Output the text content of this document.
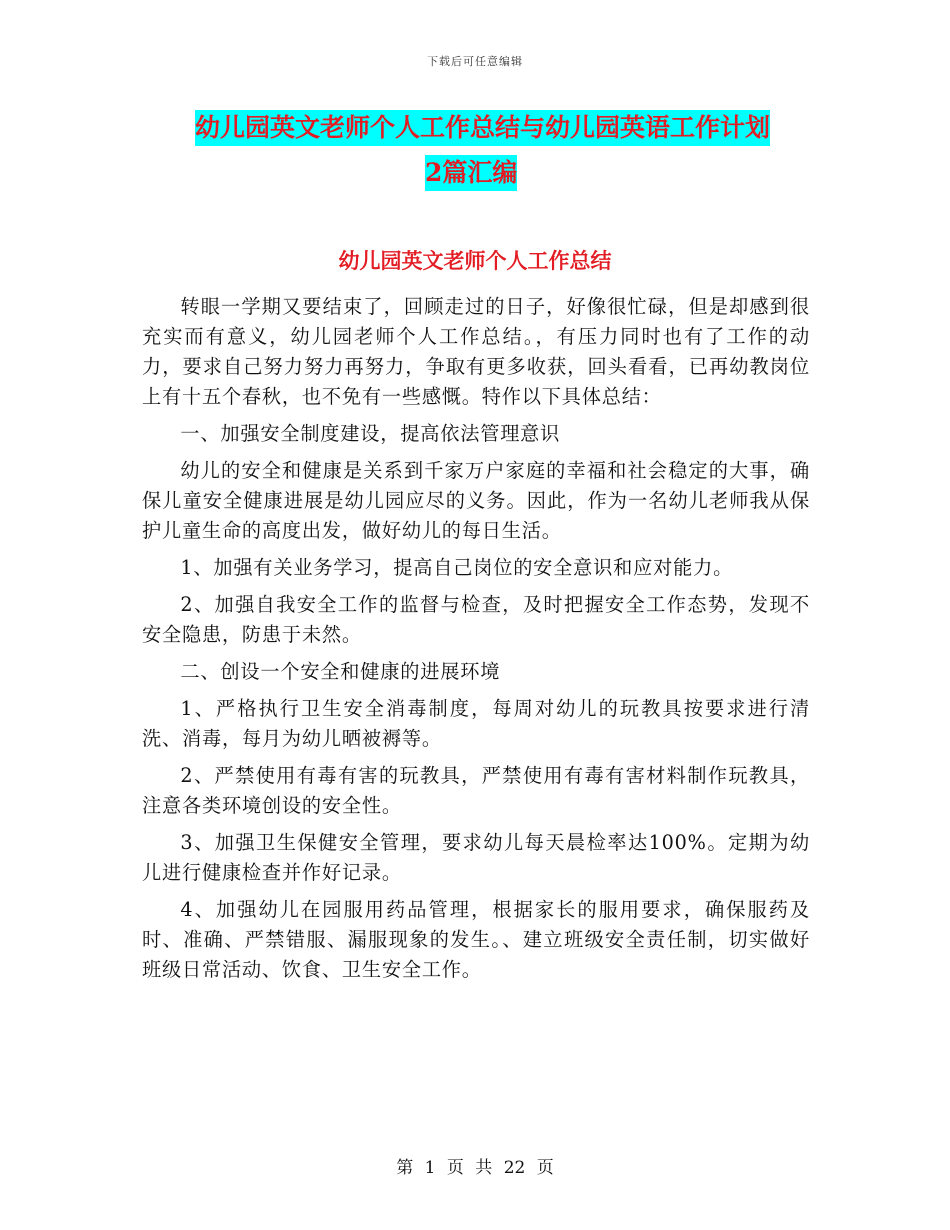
下载后可任意编辑
幼儿园英文老师个人工作总结与幼儿园英语工作计划
2篇汇编
幼儿园英文老师个人工作总结

转眼一学期又要结束了，回顾走过的日子，好像很忙碌，但是却感到很充实而有意义，幼儿园老师个人工作总结。，有压力同时也有了工作的动力，要求自己努力努力再努力，争取有更多收获，回头看看，已再幼教岗位上有十五个春秋，也不免有一些感慨。特作以下具体总结：

一、加强安全制度建设，提高依法管理意识

幼儿的安全和健康是关系到千家万户家庭的幸福和社会稳定的大事，确保儿童安全健康进展是幼儿园应尽的义务。因此，作为一名幼儿老师我从保护儿童生命的高度出发，做好幼儿的每日生活。

1、加强有关业务学习，提高自己岗位的安全意识和应对能力。

2、加强自我安全工作的监督与检查，及时把握安全工作态势，发现不安全隐患，防患于未然。

二、创设一个安全和健康的进展环境

1、严格执行卫生安全消毒制度，每周对幼儿的玩教具按要求进行清洗、消毒，每月为幼儿晒被褥等。

2、严禁使用有毒有害的玩教具，严禁使用有毒有害材料制作玩教具，注意各类环境创设的安全性。

3、加强卫生保健安全管理，要求幼儿每天晨检率达100%。定期为幼儿进行健康检查并作好记录。

4、加强幼儿在园服用药品管理，根据家长的服用要求，确保服药及时、准确、严禁错服、漏服现象的发生。、建立班级安全责任制，切实做好班级日常活动、饮食、卫生安全工作。

第 1 页 共 22 页
